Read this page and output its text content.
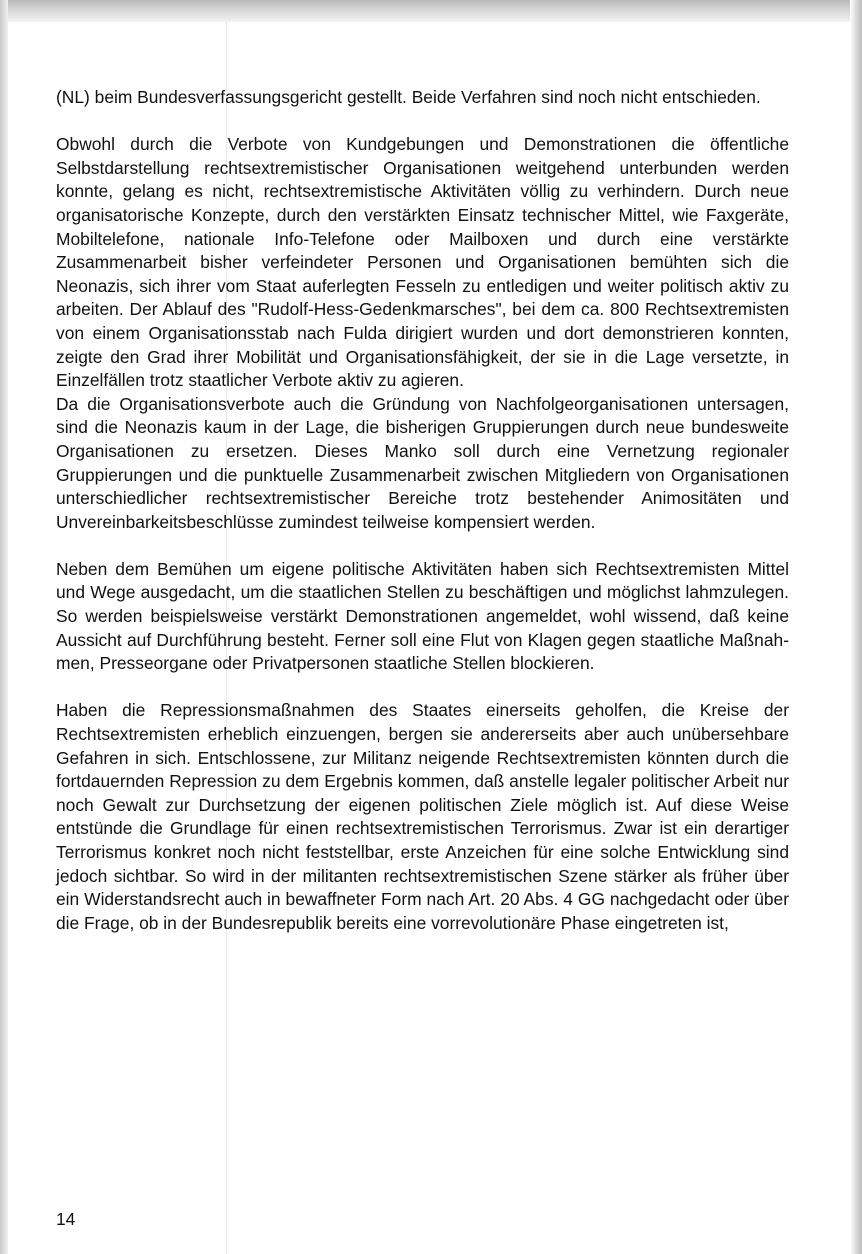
(NL) beim Bundesverfassungsgericht gestellt. Beide Verfahren sind noch nicht entschieden.

Obwohl durch die Verbote von Kundgebungen und Demonstrationen die öffentliche Selbstdarstellung rechtsextremistischer Organisationen weitgehend unterbunden werden konnte, gelang es nicht, rechtsextremistische Aktivitäten völlig zu verhindern. Durch neue organisatorische Konzepte, durch den verstärkten Einsatz technischer Mittel, wie Faxgeräte, Mobiltelefone, nationale Info-Telefone oder Mailboxen und durch eine verstärkte Zusammenarbeit bisher verfeindeter Personen und Organisationen bemühten sich die Neonazis, sich ihrer vom Staat auferlegten Fesseln zu entledigen und weiter politisch aktiv zu arbeiten. Der Ablauf des "Rudolf-Hess-Gedenkmarsches", bei dem ca. 800 Rechtsextremisten von einem Organisationsstab nach Fulda dirigiert wurden und dort demonstrieren konnten, zeigte den Grad ihrer Mobilität und Organisationsfähigkeit, der sie in die Lage versetzte, in Einzelfällen trotz staatlicher Verbote aktiv zu agieren.

Da die Organisationsverbote auch die Gründung von Nachfolgeorganisationen untersagen, sind die Neonazis kaum in der Lage, die bisherigen Gruppierungen durch neue bundesweite Organisationen zu ersetzen. Dieses Manko soll durch eine Vernetzung regionaler Gruppierungen und die punktuelle Zusammenarbeit zwischen Mitgliedern von Organisationen unterschiedlicher rechtsextremistischer Bereiche trotz bestehender Animositäten und Unvereinbarkeitsbeschlüsse zumindest teilweise kompensiert werden.

Neben dem Bemühen um eigene politische Aktivitäten haben sich Rechtsextremisten Mittel und Wege ausgedacht, um die staatlichen Stellen zu beschäftigen und möglichst lahmzulegen. So werden beispielsweise verstärkt Demonstrationen angemeldet, wohl wissend, daß keine Aussicht auf Durchführung besteht. Ferner soll eine Flut von Klagen gegen staatliche Maßnahmen, Presseorgane oder Privatpersonen staatliche Stellen blockieren.

Haben die Repressionsmaßnahmen des Staates einerseits geholfen, die Kreise der Rechtsextremisten erheblich einzuengen, bergen sie andererseits aber auch unübersehbare Gefahren in sich. Entschlossene, zur Militanz neigende Rechtsextremisten könnten durch die fortdauernden Repression zu dem Ergebnis kommen, daß anstelle legaler politischer Arbeit nur noch Gewalt zur Durchsetzung der eigenen politischen Ziele möglich ist. Auf diese Weise entstünde die Grundlage für einen rechtsextremistischen Terrorismus. Zwar ist ein derartiger Terrorismus konkret noch nicht feststellbar, erste Anzeichen für eine solche Entwicklung sind jedoch sichtbar. So wird in der militanten rechtsextremistischen Szene stärker als früher über ein Widerstandsrecht auch in bewaffneter Form nach Art. 20 Abs. 4 GG nachgedacht oder über die Frage, ob in der Bundesrepublik bereits eine vorrevolutionäre Phase eingetreten ist,

14
